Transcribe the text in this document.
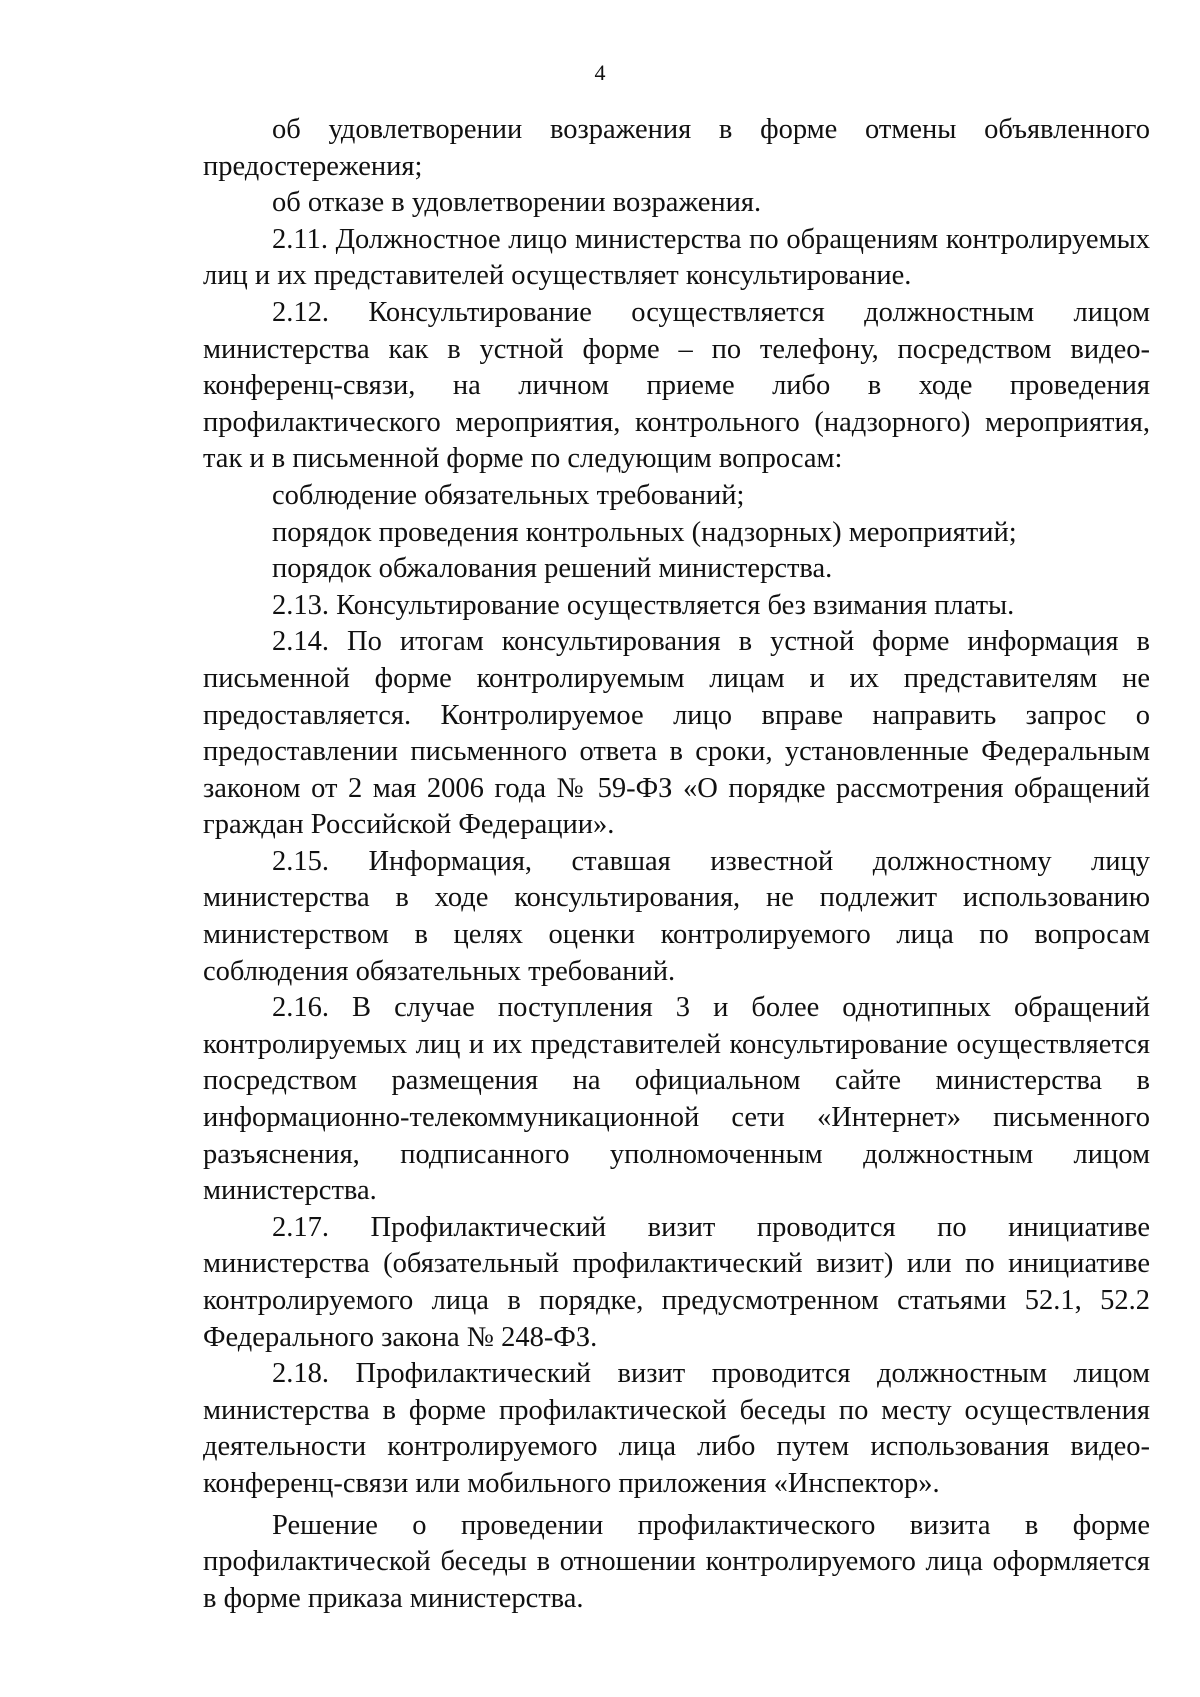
4

об удовлетворении возражения в форме отмены объявленного предостережения;

об отказе в удовлетворении возражения.

2.11. Должностное лицо министерства по обращениям контролируемых лиц и их представителей осуществляет консультирование.

2.12. Консультирование осуществляется должностным лицом министерства как в устной форме – по телефону, посредством видео-конференц-связи, на личном приеме либо в ходе проведения профилактического мероприятия, контрольного (надзорного) мероприятия, так и в письменной форме по следующим вопросам:

соблюдение обязательных требований;

порядок проведения контрольных (надзорных) мероприятий;

порядок обжалования решений министерства.

2.13. Консультирование осуществляется без взимания платы.

2.14. По итогам консультирования в устной форме информация в письменной форме контролируемым лицам и их представителям не предоставляется. Контролируемое лицо вправе направить запрос о предоставлении письменного ответа в сроки, установленные Федеральным законом от 2 мая 2006 года № 59-ФЗ «О порядке рассмотрения обращений граждан Российской Федерации».

2.15. Информация, ставшая известной должностному лицу министерства в ходе консультирования, не подлежит использованию министерством в целях оценки контролируемого лица по вопросам соблюдения обязательных требований.

2.16. В случае поступления 3 и более однотипных обращений контролируемых лиц и их представителей консультирование осуществляется посредством размещения на официальном сайте министерства в информационно-телекоммуникационной сети «Интернет» письменного разъяснения, подписанного уполномоченным должностным лицом министерства.

2.17. Профилактический визит проводится по инициативе министерства (обязательный профилактический визит) или по инициативе контролируемого лица в порядке, предусмотренном статьями 52.1, 52.2 Федерального закона № 248-ФЗ.

2.18. Профилактический визит проводится должностным лицом министерства в форме профилактической беседы по месту осуществления деятельности контролируемого лица либо путем использования видео-конференц-связи или мобильного приложения «Инспектор».

Решение о проведении профилактического визита в форме профилактической беседы в отношении контролируемого лица оформляется в форме приказа министерства.
